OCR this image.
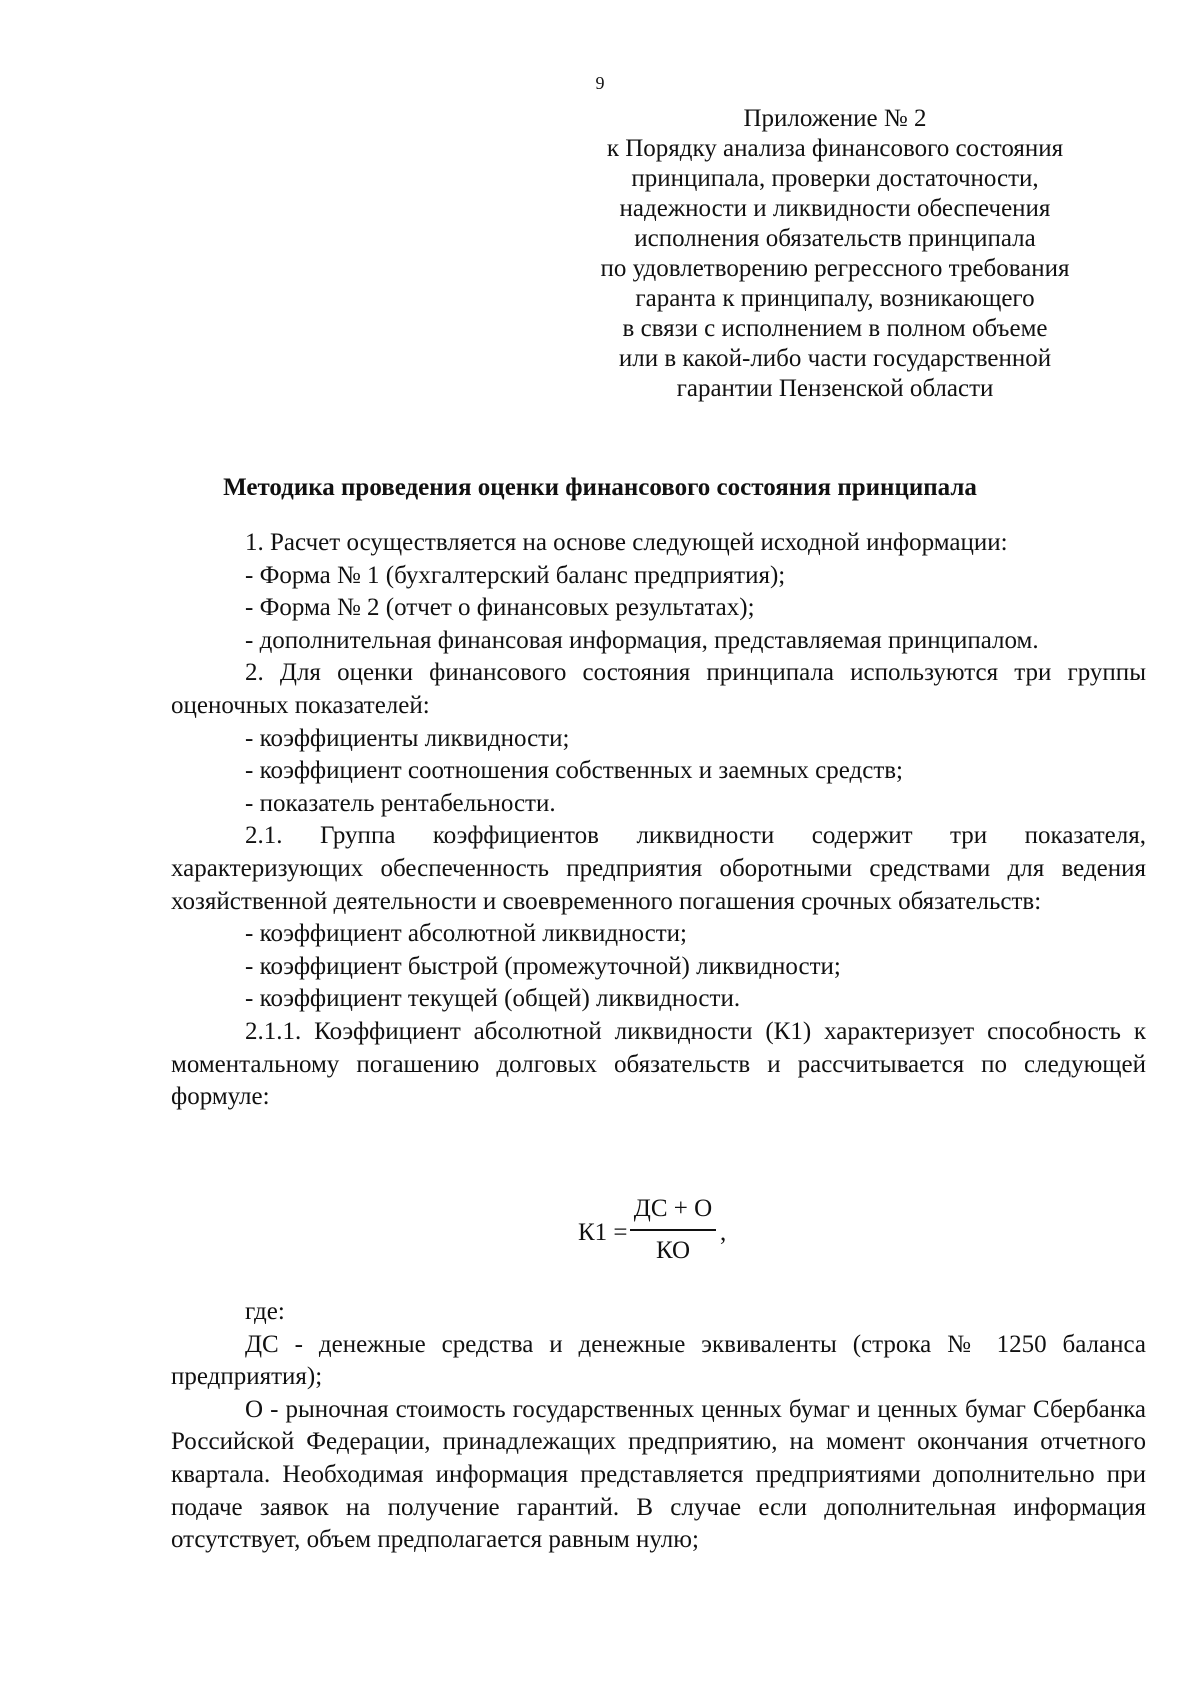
9
Приложение № 2
к Порядку анализа финансового состояния
принципала, проверки достаточности,
надежности и ликвидности обеспечения
исполнения обязательств принципала
по удовлетворению регрессного требования
гаранта к принципалу, возникающего
в связи с исполнением в полном объеме
или в какой-либо части государственной
гарантии Пензенской области
Методика проведения оценки финансового состояния принципала

1. Расчет осуществляется на основе следующей исходной информации:

- Форма № 1 (бухгалтерский баланс предприятия);

- Форма № 2 (отчет о финансовых результатах);

- дополнительная финансовая информация, представляемая принципалом.

2. Для оценки финансового состояния принципала используются три группы оценочных показателей:

- коэффициенты ликвидности;

- коэффициент соотношения собственных и заемных средств;

- показатель рентабельности.

2.1. Группа коэффициентов ликвидности содержит три показателя, характеризующих обеспеченность предприятия оборотными средствами для ведения хозяйственной деятельности и своевременного погашения срочных обязательств:

- коэффициент абсолютной ликвидности;

- коэффициент быстрой (промежуточной) ликвидности;

- коэффициент текущей (общей) ликвидности.

2.1.1. Коэффициент абсолютной ликвидности (К1) характеризует способность к моментальному погашению долговых обязательств и рассчитывается по следующей формуле:

К1 =
ДС + О
КО
,

где:

ДС - денежные средства и денежные эквиваленты (строка № 1250 баланса предприятия);

О - рыночная стоимость государственных ценных бумаг и ценных бумаг Сбербанка Российской Федерации, принадлежащих предприятию, на момент окончания отчетного квартала. Необходимая информация представляется предприятиями дополнительно при подаче заявок на получение гарантий. В случае если дополнительная информация отсутствует, объем предполагается равным нулю;
